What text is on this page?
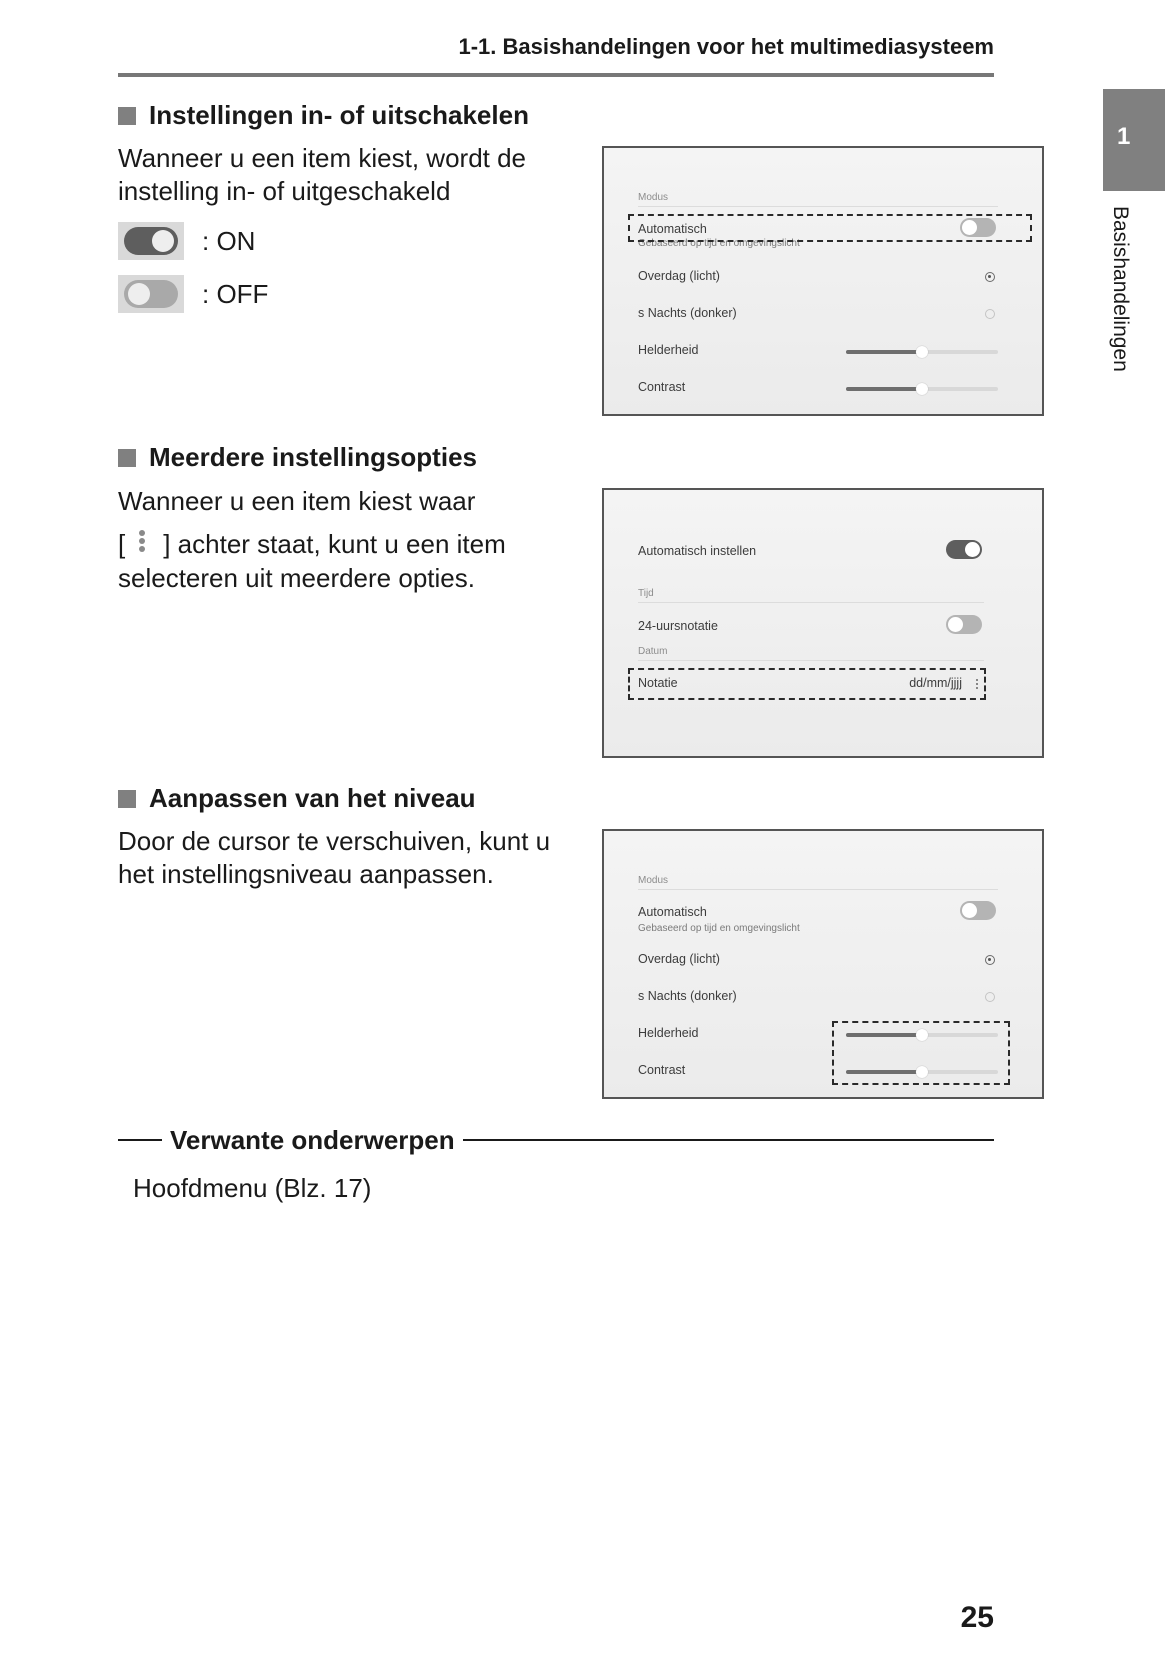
1-1. Basishandelingen voor het multimediasysteem
1
Basishandelingen
Instellingen in- of uitschakelen
Wanneer u een item kiest, wordt de
instelling in- of uitgeschakeld
: ON
: OFF
Modus
Automatisch
Gebaseerd op tijd en omgevingslicht
Overdag (licht)
s Nachts (donker)
Helderheid
Contrast
Meerdere instellingsopties
Wanneer u een item kiest waar
[ ] achter staat, kunt u een item
selecteren uit meerdere opties.
Automatisch instellen
Tijd
24-uursnotatie
Datum
Notatie	dd/mm/jjjj
Aanpassen van het niveau
Door de cursor te verschuiven, kunt u
het instellingsniveau aanpassen.	Modus
Automatisch
Gebaseerd op tijd en omgevingslicht
Overdag (licht)
s Nachts (donker)
Helderheid
Contrast
Verwante onderwerpen
Hoofdmenu (Blz. 17)
25
